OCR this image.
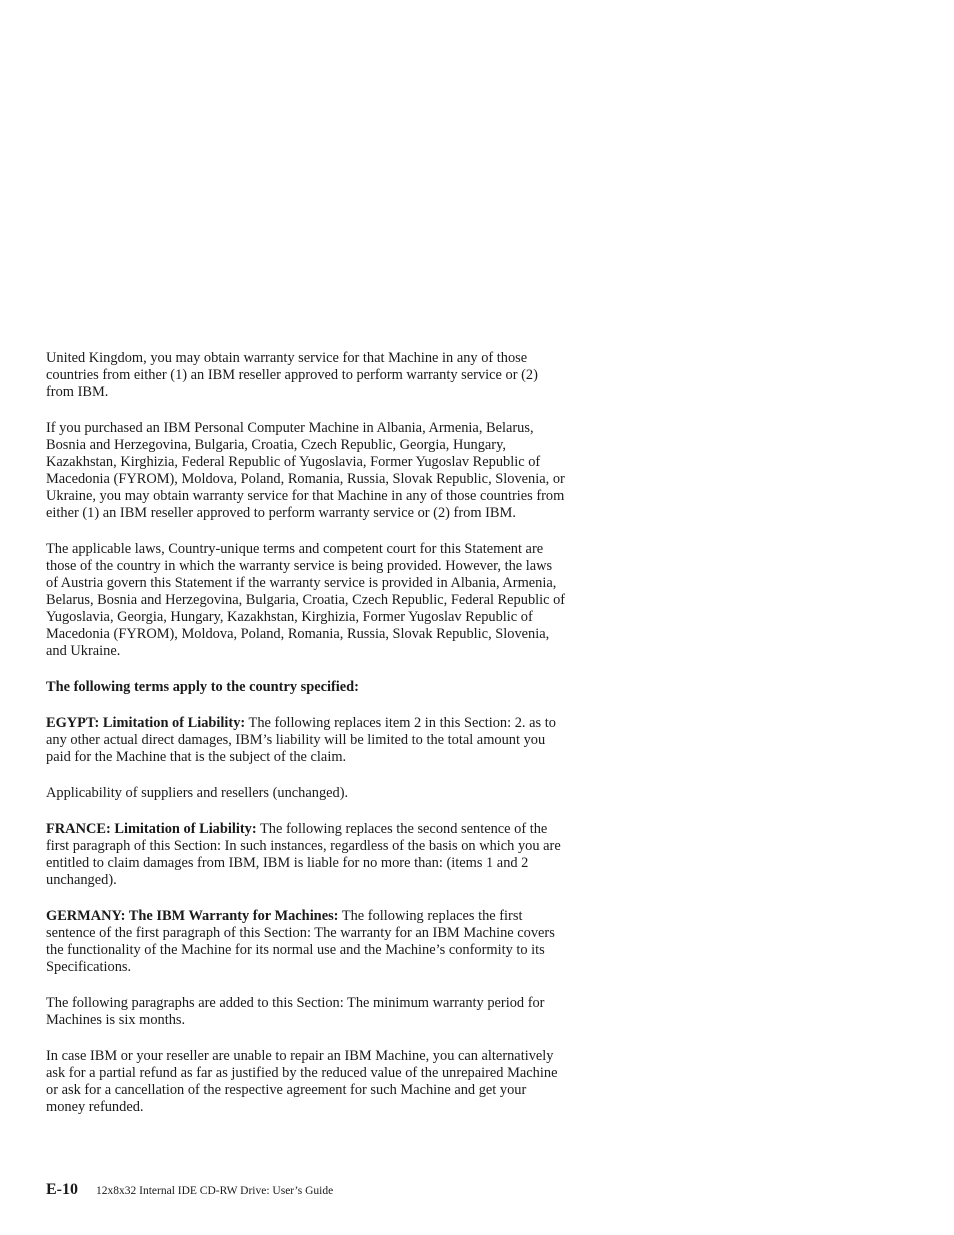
United Kingdom, you may obtain warranty service for that Machine in any of those countries from either (1) an IBM reseller approved to perform warranty service or (2) from IBM.

If you purchased an IBM Personal Computer Machine in Albania, Armenia, Belarus, Bosnia and Herzegovina, Bulgaria, Croatia, Czech Republic, Georgia, Hungary, Kazakhstan, Kirghizia, Federal Republic of Yugoslavia, Former Yugoslav Republic of Macedonia (FYROM), Moldova, Poland, Romania, Russia, Slovak Republic, Slovenia, or Ukraine, you may obtain warranty service for that Machine in any of those countries from either (1) an IBM reseller approved to perform warranty service or (2) from IBM.

The applicable laws, Country-unique terms and competent court for this Statement are those of the country in which the warranty service is being provided. However, the laws of Austria govern this Statement if the warranty service is provided in Albania, Armenia, Belarus, Bosnia and Herzegovina, Bulgaria, Croatia, Czech Republic, Federal Republic of Yugoslavia, Georgia, Hungary, Kazakhstan, Kirghizia, Former Yugoslav Republic of Macedonia (FYROM), Moldova, Poland, Romania, Russia, Slovak Republic, Slovenia, and Ukraine.

The following terms apply to the country specified:

EGYPT: Limitation of Liability: The following replaces item 2 in this Section: 2. as to any other actual direct damages, IBM’s liability will be limited to the total amount you paid for the Machine that is the subject of the claim.

Applicability of suppliers and resellers (unchanged).

FRANCE: Limitation of Liability: The following replaces the second sentence of the first paragraph of this Section: In such instances, regardless of the basis on which you are entitled to claim damages from IBM, IBM is liable for no more than: (items 1 and 2 unchanged).

GERMANY: The IBM Warranty for Machines: The following replaces the first sentence of the first paragraph of this Section: The warranty for an IBM Machine covers the functionality of the Machine for its normal use and the Machine’s conformity to its Specifications.

The following paragraphs are added to this Section: The minimum warranty period for Machines is six months.

In case IBM or your reseller are unable to repair an IBM Machine, you can alternatively ask for a partial refund as far as justified by the reduced value of the unrepaired Machine or ask for a cancellation of the respective agreement for such Machine and get your money refunded.

E-10 12x8x32 Internal IDE CD-RW Drive: User’s Guide
